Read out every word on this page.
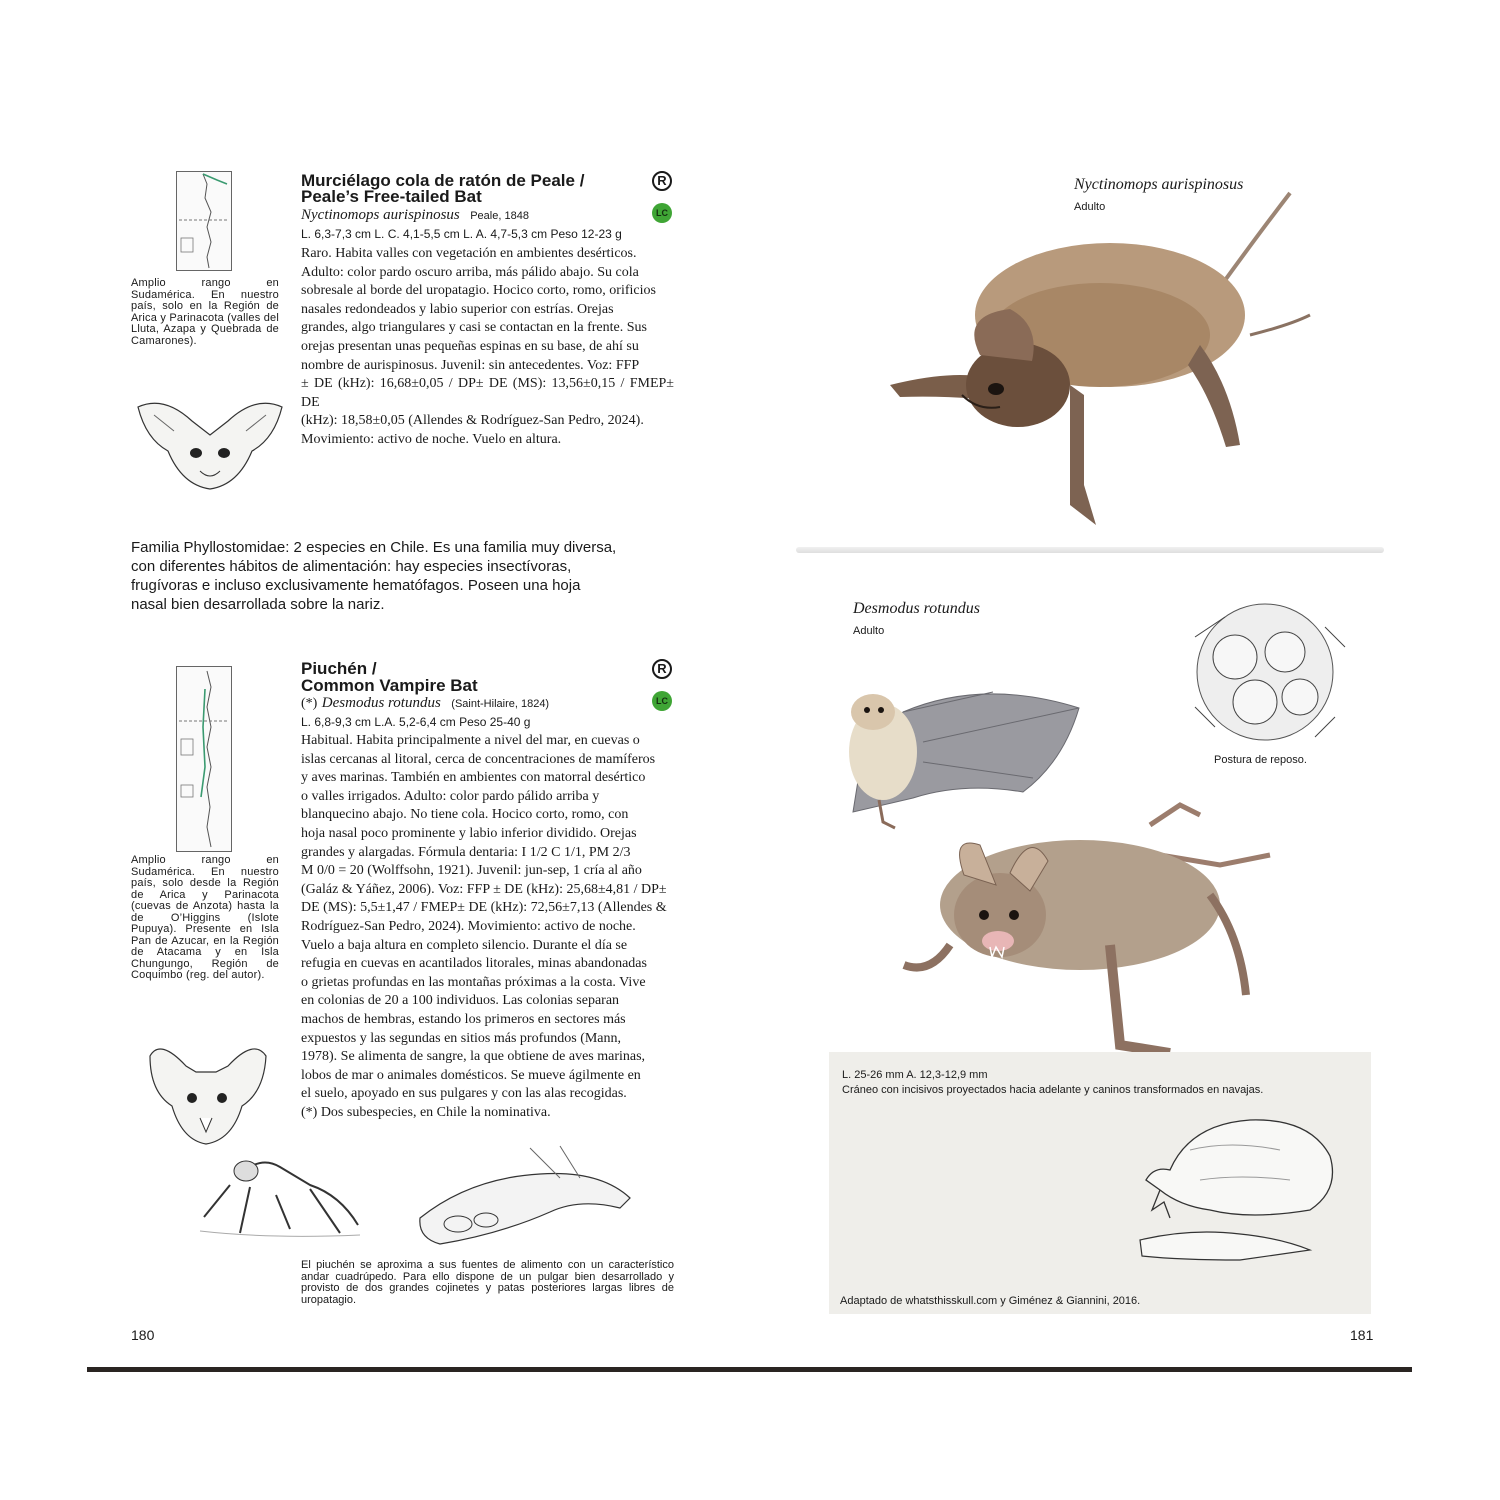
Amplio rango en Sudamérica. En nuestro país, solo en la Región de Arica y Parinacota (valles del Lluta, Azapa y Quebrada de Camarones).
Murciélago cola de ratón de Peale /
Peale’s Free-tailed Bat
R
LC
Nyctinomops aurispinosus Peale, 1848
L. 6,3-7,3 cm L. C. 4,1-5,5 cm L. A. 4,7-5,3 cm Peso 12-23 g
Raro. Habita valles con vegetación en ambientes desérticos.
Adulto: color pardo oscuro arriba, más pálido abajo. Su cola
sobresale al borde del uropatagio. Hocico corto, romo, orificios
nasales redondeados y labio superior con estrías. Orejas
grandes, algo triangulares y casi se contactan en la frente. Sus
orejas presentan unas pequeñas espinas en su base, de ahí su
nombre de aurispinosus. Juvenil: sin antecedentes. Voz: FFP
± DE (kHz): 16,68±0,05 / DP± DE (MS): 13,56±0,15 / FMEP± DE
(kHz): 18,58±0,05 (Allendes & Rodríguez-San Pedro, 2024).
Movimiento: activo de noche. Vuelo en altura.
Familia Phyllostomidae: 2 especies en Chile. Es una familia muy diversa,
con diferentes hábitos de alimentación: hay especies insectívoras,
frugívoras e incluso exclusivamente hematófagos. Poseen una hoja
nasal bien desarrollada sobre la nariz.
Amplio rango en Sudamérica. En nuestro país, solo desde la Región de Arica y Parinacota (cuevas de Anzota) hasta la de O’Higgins (Islote Pupuya). Presente en Isla Pan de Azucar, en la Región de Atacama y en Isla Chungungo, Región de Coquimbo (reg. del autor).
Piuchén /
Common Vampire Bat
R
LC
(*) Desmodus rotundus (Saint-Hilaire, 1824)
L. 6,8-9,3 cm L.A. 5,2-6,4 cm Peso 25-40 g
Habitual. Habita principalmente a nivel del mar, en cuevas o
islas cercanas al litoral, cerca de concentraciones de mamíferos
y aves marinas. También en ambientes con matorral desértico
o valles irrigados. Adulto: color pardo pálido arriba y
blanquecino abajo. No tiene cola. Hocico corto, romo, con
hoja nasal poco prominente y labio inferior dividido. Orejas
grandes y alargadas. Fórmula dentaria: I 1/2 C 1/1, PM 2/3
M 0/0 = 20 (Wolffsohn, 1921). Juvenil: jun-sep, 1 cría al año
(Galáz & Yáñez, 2006). Voz: FFP ± DE (kHz): 25,68±4,81 / DP±
DE (MS): 5,5±1,47 / FMEP± DE (kHz): 72,56±7,13 (Allendes &
Rodríguez-San Pedro, 2024). Movimiento: activo de noche.
Vuelo a baja altura en completo silencio. Durante el día se
refugia en cuevas en acantilados litorales, minas abandonadas
o grietas profundas en las montañas próximas a la costa. Vive
en colonias de 20 a 100 individuos. Las colonias separan
machos de hembras, estando los primeros en sectores más
expuestos y las segundas en sitios más profundos (Mann,
1978). Se alimenta de sangre, la que obtiene de aves marinas,
lobos de mar o animales domésticos. Se mueve ágilmente en
el suelo, apoyado en sus pulgares y con las alas recogidas.
(*) Dos subespecies, en Chile la nominativa.
El piuchén se aproxima a sus fuentes de alimento con un característico andar cuadrúpedo. Para ello dispone de un pulgar bien desarrollado y provisto de dos grandes cojinetes y patas posteriores largas libres de uropatagio.
180
Nyctinomops aurispinosus
Adulto
Desmodus rotundus
Adulto
Postura de reposo.
L. 25-26 mm A. 12,3-12,9 mm
Cráneo con incisivos proyectados hacia adelante y caninos transformados en navajas.
Adaptado de whatsthisskull.com y Giménez & Giannini, 2016.
181
